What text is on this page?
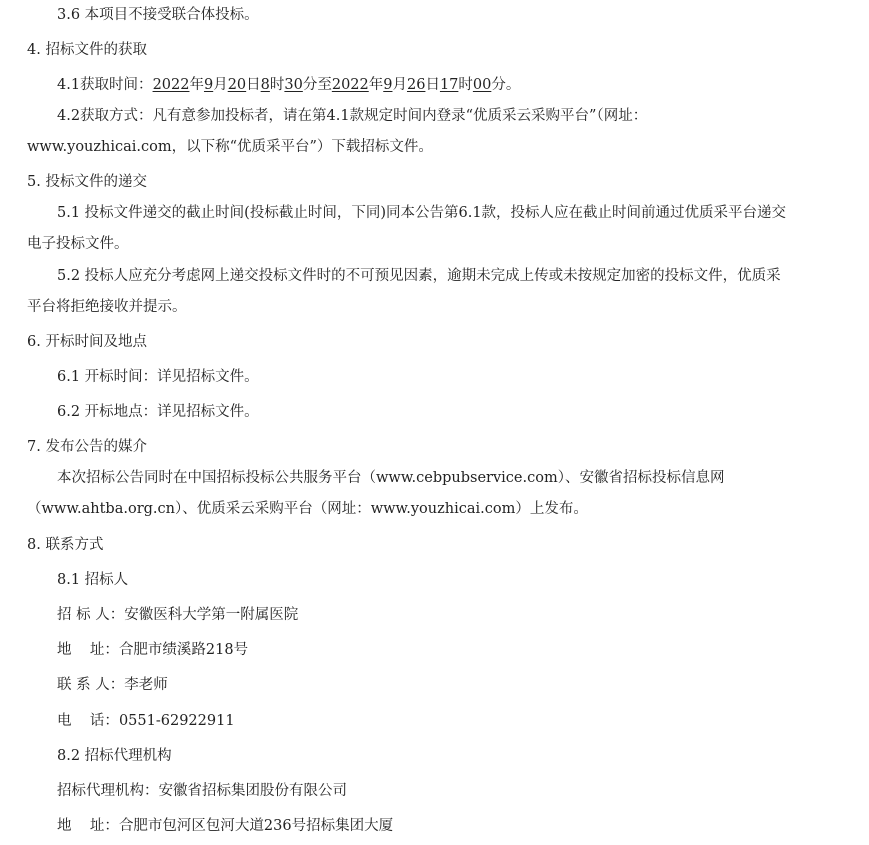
3.6 本项目不接受联合体投标。
4. 招标文件的获取
4.1获取时间：2022年9月20日8时30分至2022年9月26日17时00分。
4.2获取方式：凡有意参加投标者，请在第4.1款规定时间内登录“优质采云采购平台”（网址：
www.youzhicai.com，以下称“优质采平台”）下载招标文件。
5. 投标文件的递交
5.1 投标文件递交的截止时间(投标截止时间，下同)同本公告第6.1款，投标人应在截止时间前通过优质采平台递交
电子投标文件。
5.2 投标人应充分考虑网上递交投标文件时的不可预见因素，逾期未完成上传或未按规定加密的投标文件，优质采
平台将拒绝接收并提示。
6. 开标时间及地点
6.1 开标时间：详见招标文件。
6.2 开标地点：详见招标文件。
7. 发布公告的媒介
本次招标公告同时在中国招标投标公共服务平台（www.cebpubservice.com）、安徽省招标投标信息网
（www.ahtba.org.cn）、优质采云采购平台（网址：www.youzhicai.com）上发布。
8. 联系方式
8.1 招标人
招 标 人：安徽医科大学第一附属医院
地    址：合肥市绩溪路218号
联 系 人：李老师
电    话：0551-62922911
8.2 招标代理机构
招标代理机构：安徽省招标集团股份有限公司
地    址：合肥市包河区包河大道236号招标集团大厦
